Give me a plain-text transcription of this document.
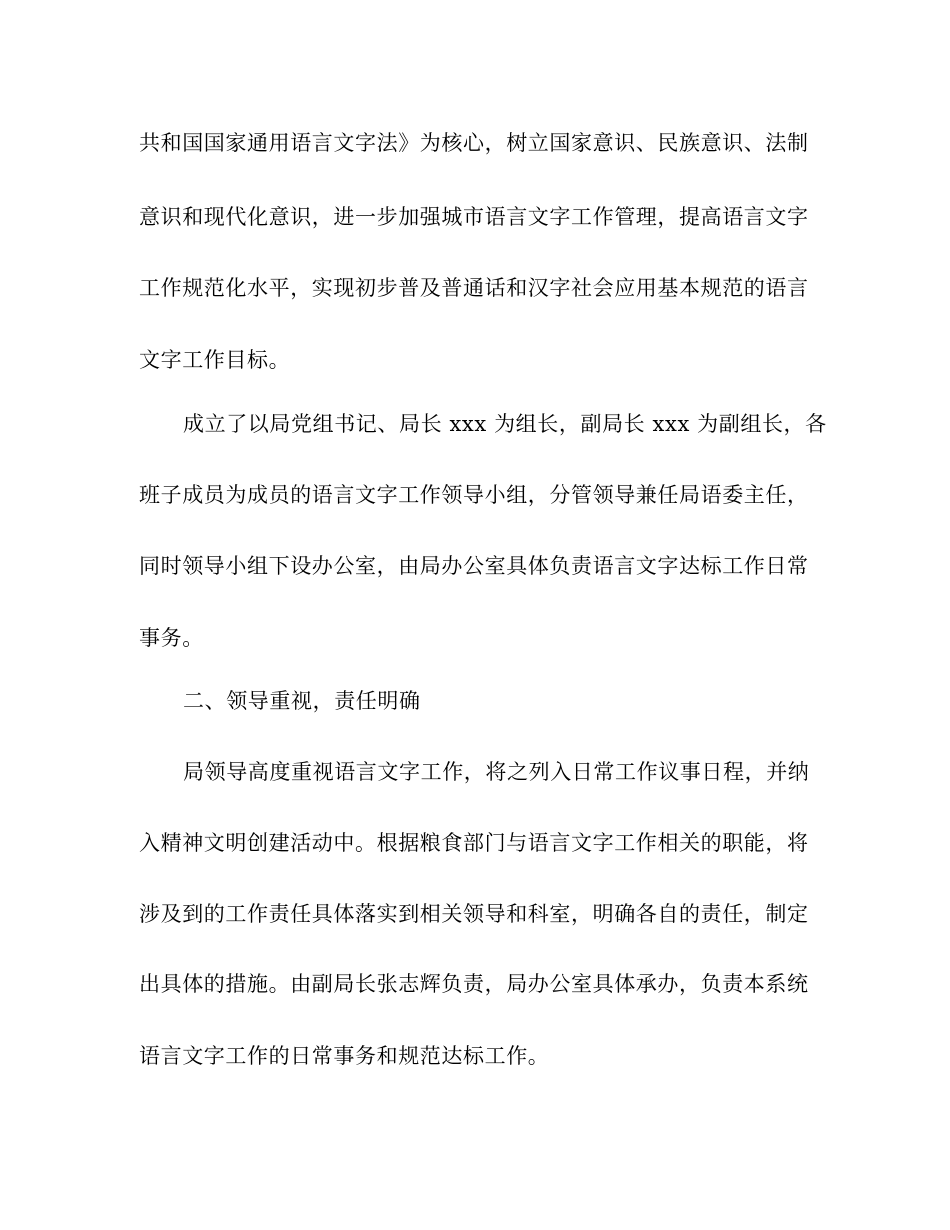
共和国国家通用语言文字法》为核心，树立国家意识、民族意识、法制
意识和现代化意识，进一步加强城市语言文字工作管理，提高语言文字
工作规范化水平，实现初步普及普通话和汉字社会应用基本规范的语言
文字工作目标。
成立了以局党组书记、局长 xxx 为组长，副局长 xxx 为副组长，各
班子成员为成员的语言文字工作领导小组，分管领导兼任局语委主任，
同时领导小组下设办公室，由局办公室具体负责语言文字达标工作日常
事务。
二、领导重视，责任明确
局领导高度重视语言文字工作，将之列入日常工作议事日程，并纳
入精神文明创建活动中。根据粮食部门与语言文字工作相关的职能，将
涉及到的工作责任具体落实到相关领导和科室，明确各自的责任，制定
出具体的措施。由副局长张志辉负责，局办公室具体承办，负责本系统
语言文字工作的日常事务和规范达标工作。
